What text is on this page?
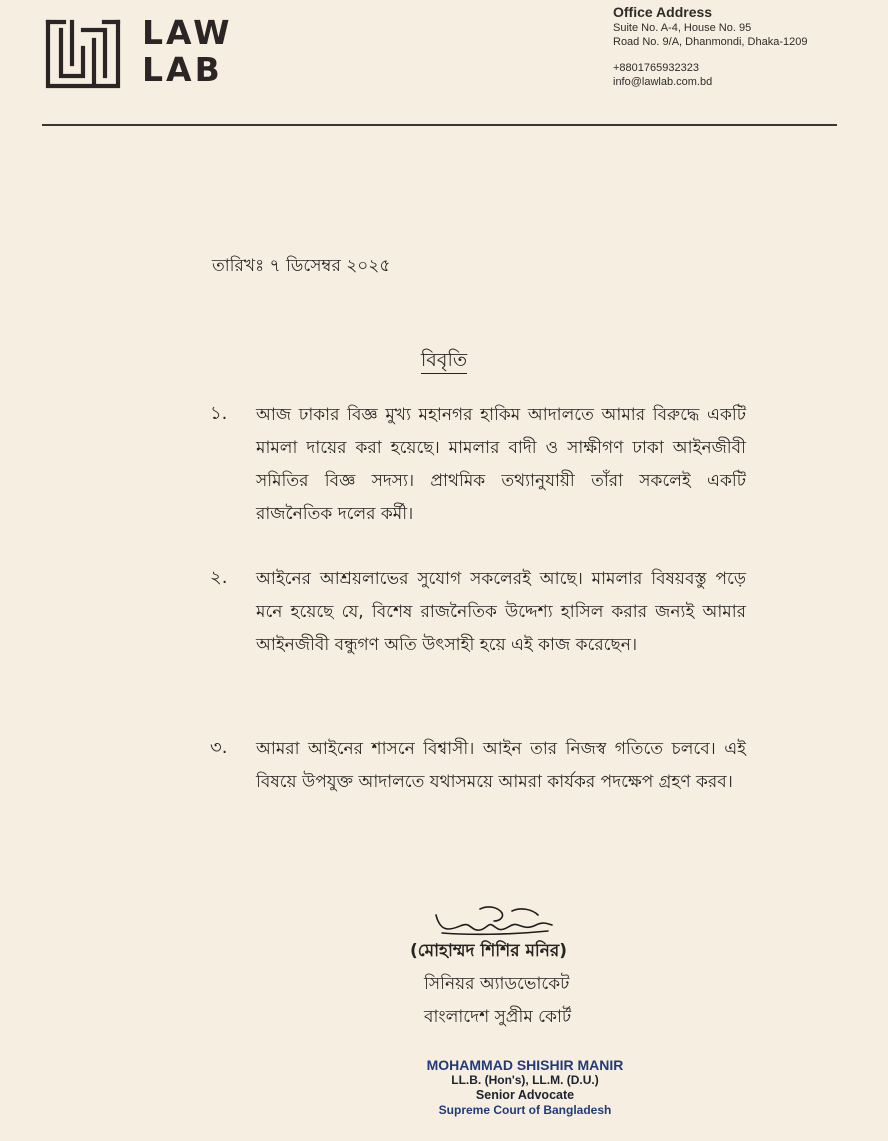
LAW
LAB
Office Address
Suite No. A-4, House No. 95
Road No. 9/A, Dhanmondi, Dhaka-1209
+8801765932323
info@lawlab.com.bd
তারিখঃ ৭ ডিসেম্বর ২০২৫
বিবৃতি
১. আজ ঢাকার বিজ্ঞ মুখ্য মহানগর হাকিম আদালতে আমার বিরুদ্ধে একটি মামলা দায়ের করা হয়েছে। মামলার বাদী ও সাক্ষীগণ ঢাকা আইনজীবী সমিতির বিজ্ঞ সদস্য। প্রাথমিক তথ্যানুযায়ী তাঁরা সকলেই একটি রাজনৈতিক দলের কর্মী।
২. আইনের আশ্রয়লাভের সুযোগ সকলেরই আছে। মামলার বিষয়বস্তু পড়ে মনে হয়েছে যে, বিশেষ রাজনৈতিক উদ্দেশ্য হাসিল করার জন্যই আমার আইনজীবী বন্ধুগণ অতি উৎসাহী হয়ে এই কাজ করেছেন।
৩. আমরা আইনের শাসনে বিশ্বাসী। আইন তার নিজস্ব গতিতে চলবে। এই বিষয়ে উপযুক্ত আদালতে যথাসময়ে আমরা কার্যকর পদক্ষেপ গ্রহণ করব।
(মোহাম্মদ শিশির মনির)
সিনিয়র অ্যাডভোকেট
বাংলাদেশ সুপ্রীম কোর্ট
MOHAMMAD SHISHIR MANIR
LL.B. (Hon's), LL.M. (D.U.)
Senior Advocate
Supreme Court of Bangladesh
